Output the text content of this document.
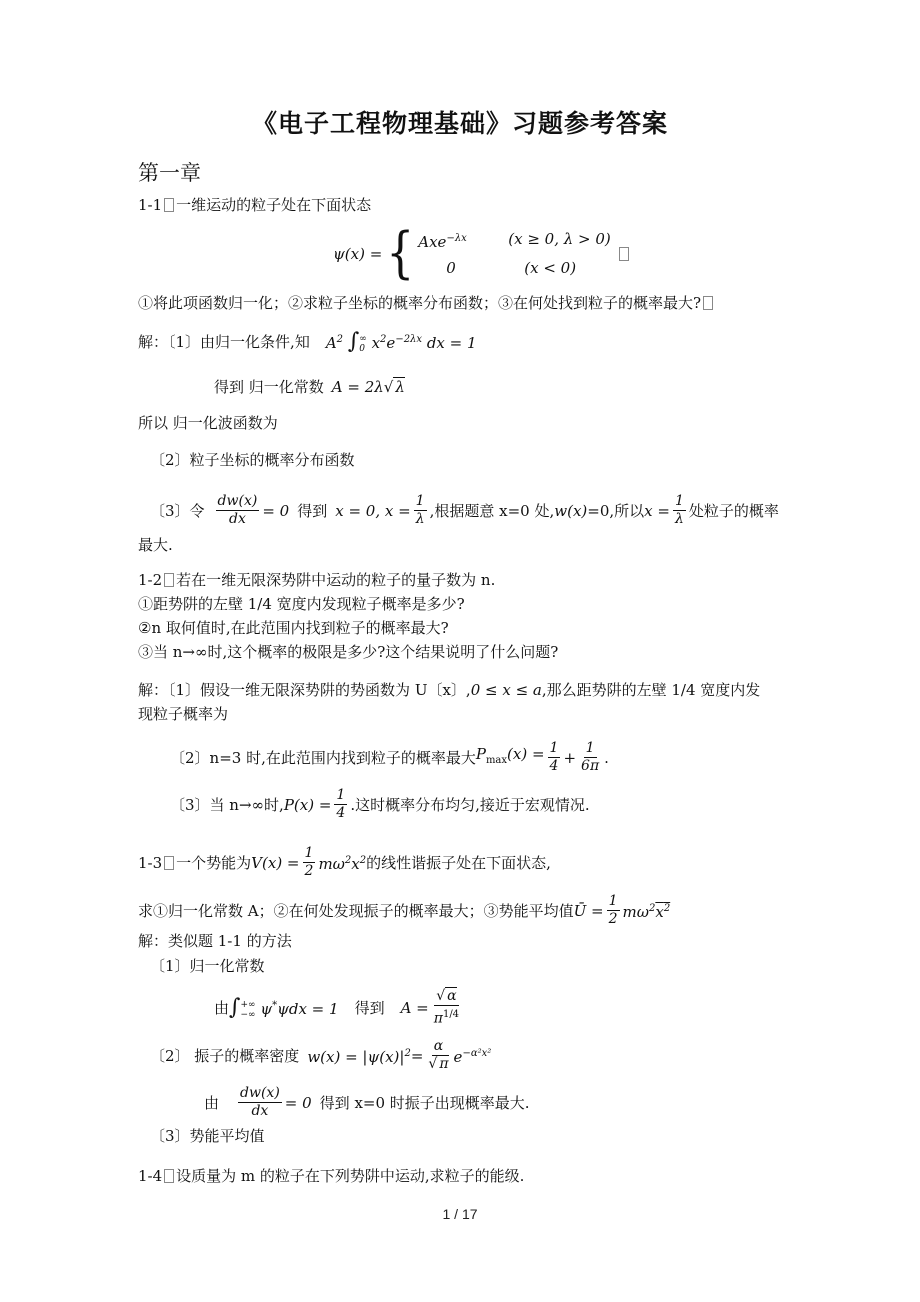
《电子工程物理基础》习题参考答案
第一章
1-1 一维运动的粒子处在下面状态
ψ(x) = { Axe$^{-\lambda x}$	(x ≥ 0, λ > 0)
0	(x < 0)
①将此项函数归一化；②求粒子坐标的概率分布函数；③在何处找到粒子的概率最大?
解：〔1〕由归一化条件,知 $A^2$ ∫ ∞
0 $x^2e^{-2\lambda x}$ dx = 1
得到 归一化常数 A = 2λ√ λ
所以 归一化波函数为
〔2〕粒子坐标的概率分布函数
〔3〕令 $\frac{dw(x)}{dx} = 0$ 得到 x = 0, $x = \frac{1}{\lambda}$ ,根据题意 x=0 处, w(x) =0,所以 $x = \frac{1}{\lambda}$ 处粒子的概率
最大.
1-2 若在一维无限深势阱中运动的粒子的量子数为 n.
①距势阱的左壁 1/4 宽度内发现粒子概率是多少?
②n 取何值时,在此范围内找到粒子的概率最大?
③当 n→∞时,这个概率的极限是多少?这个结果说明了什么问题?
解：〔1〕假设一维无限深势阱的势函数为 U〔x〕, 0 ≤ x ≤ a ,那么距势阱的左壁 1/4 宽度内发
现粒子概率为
〔2〕n=3 时,在此范围内找到粒子的概率最大 $P_{max}(x) = \frac{1}{4} + \frac{1}{6\pi}$ .
〔3〕当 n→∞时, $P(x) = \frac{1}{4}$ .这时概率分布均匀,接近于宏观情况.
1-3 一个势能为 $V(x) = \frac{1}{2} m\omega^2x^2$ 的线性谐振子处在下面状态,
求①归一化常数 A；②在何处发现振子的概率最大；③势能平均值 Ū = $\frac{1}{2} m\omega^2x^2$
解：类似题 1-1 的方法
〔1〕归一化常数
由 ∫ +∞
−∞ ψ*ψdx = 1 得到 $A = \frac{√ \alpha}{\pi^{1/4}}$
〔2〕 振子的概率密度 $w(x) = |\psi(x)|^2 = \frac{\alpha}{√ \pi} e^{-\alpha^2x^2}$
由 $\frac{dw(x)}{dx} = 0$ 得到 x=0 时振子出现概率最大.
〔3〕势能平均值
1-4 设质量为 m 的粒子在下列势阱中运动,求粒子的能级.
1 / 17
